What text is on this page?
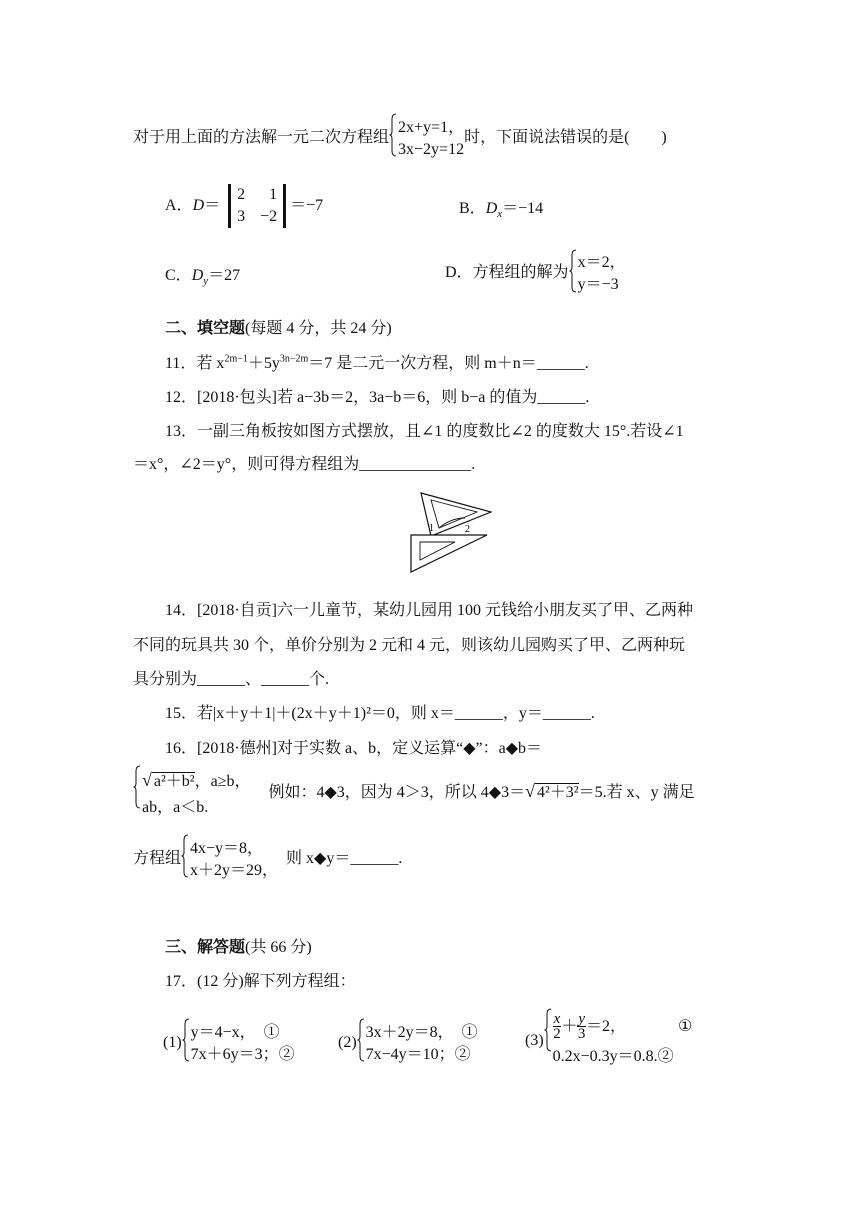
对于用上面的方法解一元二次方程组
2x+y=1，
3x−2y=12
时，下面说法错误的是(　　)
A．D＝
2 1
3 −2
＝−7	B．$D_x=-14$
C．$D_y=27$	D．方程组的解为
x＝2，
y＝−3
二、填空题(每题 4 分，共 24 分)
11．若 $x^{2m-1}+5y^{3n-2m}=7$ 是二元一次方程，则 m＋n＝______.
12．[2018·包头]若 a−3b＝2，3a−b＝6，则 b−a 的值为______.
13．一副三角板按如图方式摆放，且∠1 的度数比∠2 的度数大 15°.若设∠1
＝x°，∠2＝y°，则可得方程组为______________.
1	2
14．[2018·自贡]六一儿童节，某幼儿园用 100 元钱给小朋友买了甲、乙两种
不同的玩具共 30 个，单价分别为 2 元和 4 元，则该幼儿园购买了甲、乙两种玩
具分别为______、______个.
15．若|x＋y＋1|＋(2x＋y＋1)²＝0，则 x＝______，y＝______.
16．[2018·德州]对于实数 a、b，定义运算“◆”：a◆b＝
√ a²＋b²，a≥b，
ab，a＜b.
例如：4◆3，因为 4＞3，所以 4◆3＝√ 4²＋3²＝5.若 x、y 满足
方程组
4x−y＝8，
x＋2y＝29，
则 x◆y＝______.
三、解答题(共 66 分)
17．(12 分)解下列方程组：
(1)
y＝4−x，　①
7x＋6y＝3；②
(2)
3x＋2y＝8，　①
7x−4y＝10；②
$(3) \frac{x}{2} + \frac{y}{3} =2$，	①
0.2x−0.3y＝0.8.②
